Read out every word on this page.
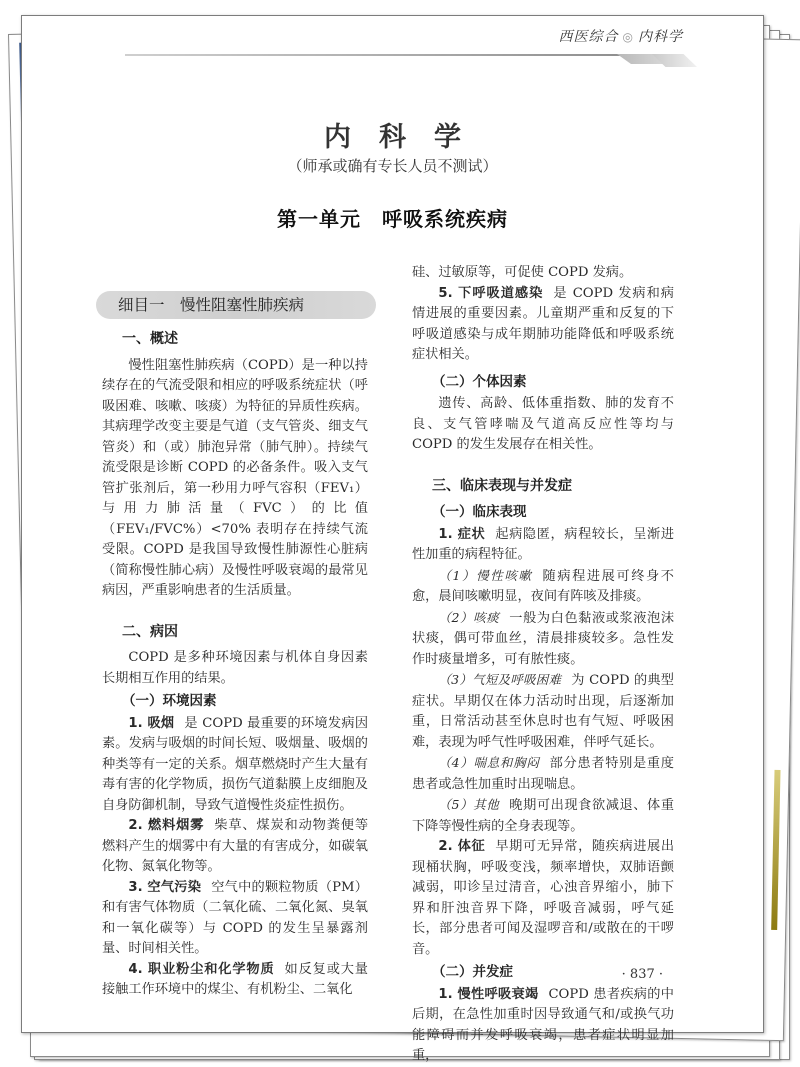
西医综合 ◎ 内科学
内科学
（师承或确有专长人员不测试）
第一单元　呼吸系统疾病
细目一　慢性阻塞性肺疾病
一、概述

慢性阻塞性肺疾病（COPD）是一种以持续存在的气流受限和相应的呼吸系统症状（呼吸困难、咳嗽、咳痰）为特征的异质性疾病。其病理学改变主要是气道（支气管炎、细支气管炎）和（或）肺泡异常（肺气肿）。持续气流受限是诊断 COPD 的必备条件。吸入支气管扩张剂后，第一秒用力呼气容积（FEV₁）与用力肺活量（FVC）的比值（FEV₁/FVC%）<70% 表明存在持续气流受限。COPD 是我国导致慢性肺源性心脏病（简称慢性肺心病）及慢性呼吸衰竭的最常见病因，严重影响患者的生活质量。

二、病因

COPD 是多种环境因素与机体自身因素长期相互作用的结果。

（一）环境因素

1. 吸烟 是 COPD 最重要的环境发病因素。发病与吸烟的时间长短、吸烟量、吸烟的种类等有一定的关系。烟草燃烧时产生大量有毒有害的化学物质，损伤气道黏膜上皮细胞及自身防御机制，导致气道慢性炎症性损伤。

2. 燃料烟雾 柴草、煤炭和动物粪便等燃料产生的烟雾中有大量的有害成分，如碳氧化物、氮氧化物等。

3. 空气污染 空气中的颗粒物质（PM）和有害气体物质（二氧化硫、二氧化氮、臭氧和一氧化碳等）与 COPD 的发生呈暴露剂量、时间相关性。

4. 职业粉尘和化学物质 如反复或大量接触工作环境中的煤尘、有机粉尘、二氧化

硅、过敏原等，可促使 COPD 发病。

5. 下呼吸道感染 是 COPD 发病和病情进展的重要因素。儿童期严重和反复的下呼吸道感染与成年期肺功能降低和呼吸系统症状相关。

（二）个体因素

遗传、高龄、低体重指数、肺的发育不良、支气管哮喘及气道高反应性等均与 COPD 的发生发展存在相关性。

三、临床表现与并发症
（一）临床表现

1. 症状 起病隐匿，病程较长，呈渐进性加重的病程特征。

（1）慢性咳嗽 随病程进展可终身不愈，晨间咳嗽明显，夜间有阵咳及排痰。

（2）咳痰 一般为白色黏液或浆液泡沫状痰，偶可带血丝，清晨排痰较多。急性发作时痰量增多，可有脓性痰。

（3）气短及呼吸困难 为 COPD 的典型症状。早期仅在体力活动时出现，后逐渐加重，日常活动甚至休息时也有气短、呼吸困难，表现为呼气性呼吸困难，伴呼气延长。

（4）喘息和胸闷 部分患者特别是重度患者或急性加重时出现喘息。

（5）其他 晚期可出现食欲减退、体重下降等慢性病的全身表现等。

2. 体征 早期可无异常，随疾病进展出现桶状胸，呼吸变浅，频率增快，双肺语颤减弱，叩诊呈过清音，心浊音界缩小，肺下界和肝浊音界下降，呼吸音减弱，呼气延长，部分患者可闻及湿啰音和/或散在的干啰音。

（二）并发症

1. 慢性呼吸衰竭 COPD 患者疾病的中后期，在急性加重时因导致通气和/或换气功能障碍而并发呼吸衰竭，患者症状明显加重，

· 837 ·
